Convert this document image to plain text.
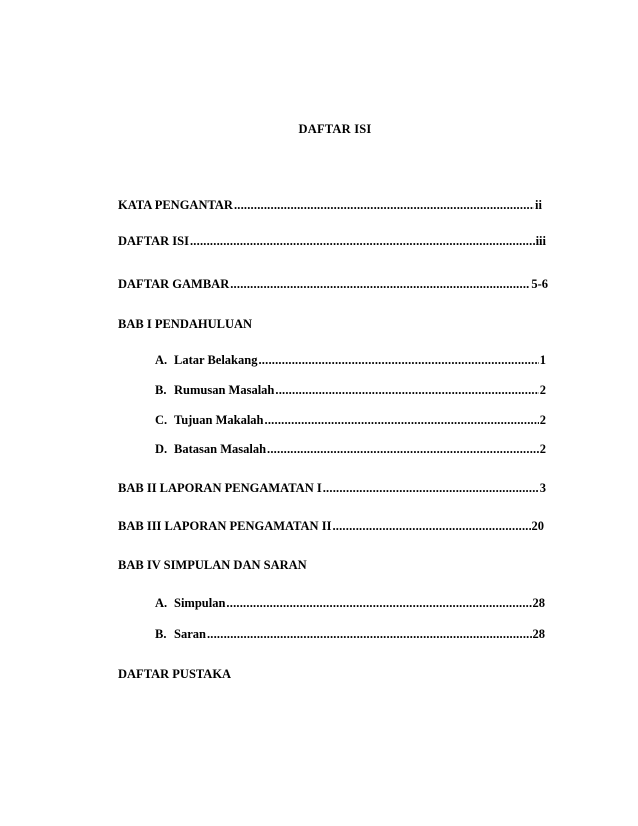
DAFTAR ISI
KATA PENGANTAR .....	ii
DAFTAR ISI .....	iii
DAFTAR GAMBAR .....	5-6
BAB I PENDAHULUAN
A. Latar Belakang .....	1
B. Rumusan Masalah .....	2
C. Tujuan Makalah .....	2
D. Batasan Masalah .....	2
BAB II LAPORAN PENGAMATAN I .....	3
BAB III LAPORAN PENGAMATAN II .....	20
BAB IV SIMPULAN DAN SARAN
A. Simpulan .....	28
B. Saran .....	28
DAFTAR PUSTAKA
